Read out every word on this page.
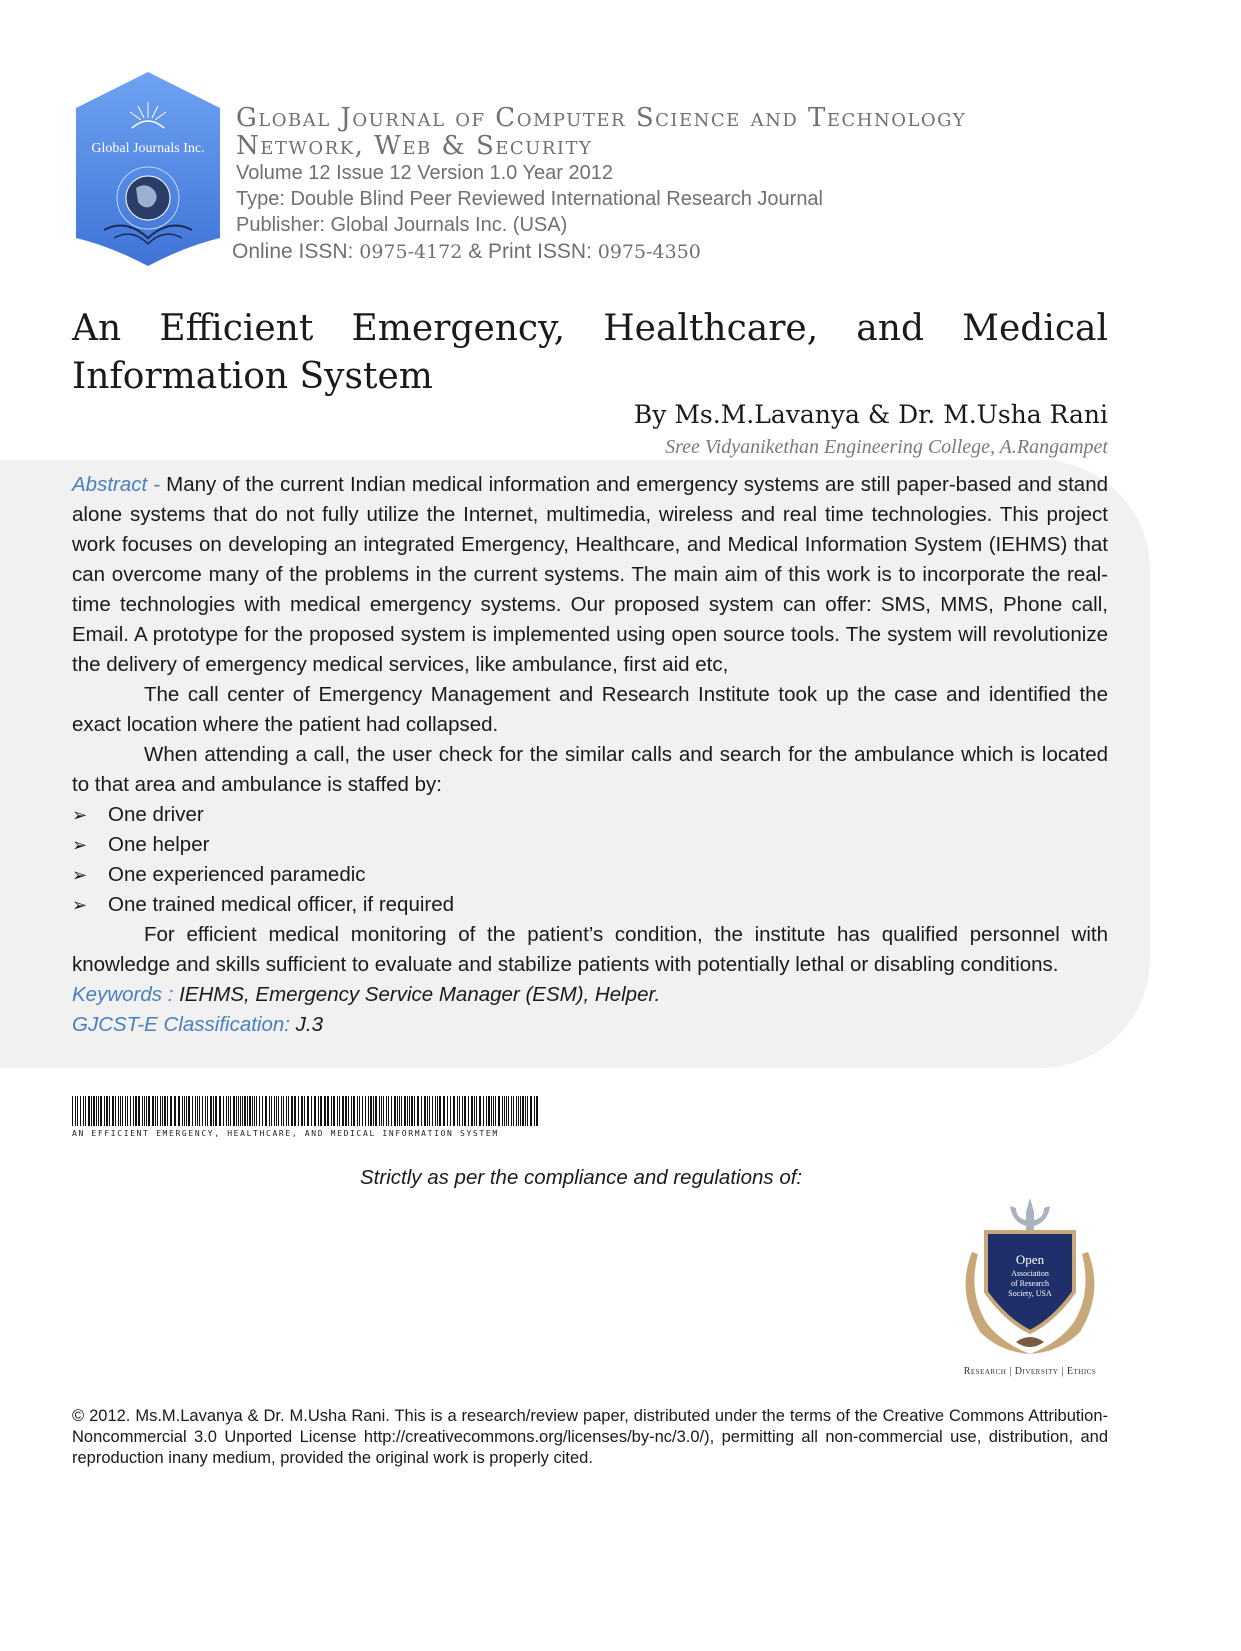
Global Journals Inc.
Global Journal of Computer Science and Technology
Network, Web & Security
Volume 12 Issue 12 Version 1.0 Year 2012
Type: Double Blind Peer Reviewed International Research Journal
Publisher: Global Journals Inc. (USA)
Online ISSN: 0975-4172 & Print ISSN: 0975-4350
An Efficient Emergency, Healthcare, and Medical Information System
By Ms.M.Lavanya & Dr. M.Usha Rani
Sree Vidyanikethan Engineering College, A.Rangampet

Abstract - Many of the current Indian medical information and emergency systems are still paper-based and stand alone systems that do not fully utilize the Internet, multimedia, wireless and real time technologies. This project work focuses on developing an integrated Emergency, Healthcare, and Medical Information System (IEHMS) that can overcome many of the problems in the current systems. The main aim of this work is to incorporate the real-time technologies with medical emergency systems. Our proposed system can offer: SMS, MMS, Phone call, Email. A prototype for the proposed system is implemented using open source tools. The system will revolutionize the delivery of emergency medical services, like ambulance, first aid etc,

The call center of Emergency Management and Research Institute took up the case and identified the exact location where the patient had collapsed.

When attending a call, the user check for the similar calls and search for the ambulance which is located to that area and ambulance is staffed by:

➢ One driver
➢ One helper
➢ One experienced paramedic
➢ One trained medical officer, if required

For efficient medical monitoring of the patient’s condition, the institute has qualified personnel with knowledge and skills sufficient to evaluate and stabilize patients with potentially lethal or disabling conditions.

Keywords : IEHMS, Emergency Service Manager (ESM), Helper.

GJCST-E Classification: J.3

AN EFFICIENT EMERGENCY, HEALTHCARE, AND MEDICAL INFORMATION SYSTEM
Strictly as per the compliance and regulations of:
Open
Association
of Research
Society, USA
Research | Diversity | Ethics
© 2012. Ms.M.Lavanya & Dr. M.Usha Rani. This is a research/review paper, distributed under the terms of the Creative Commons Attribution-Noncommercial 3.0 Unported License http://creativecommons.org/licenses/by-nc/3.0/), permitting all non-commercial use, distribution, and reproduction inany medium, provided the original work is properly cited.
